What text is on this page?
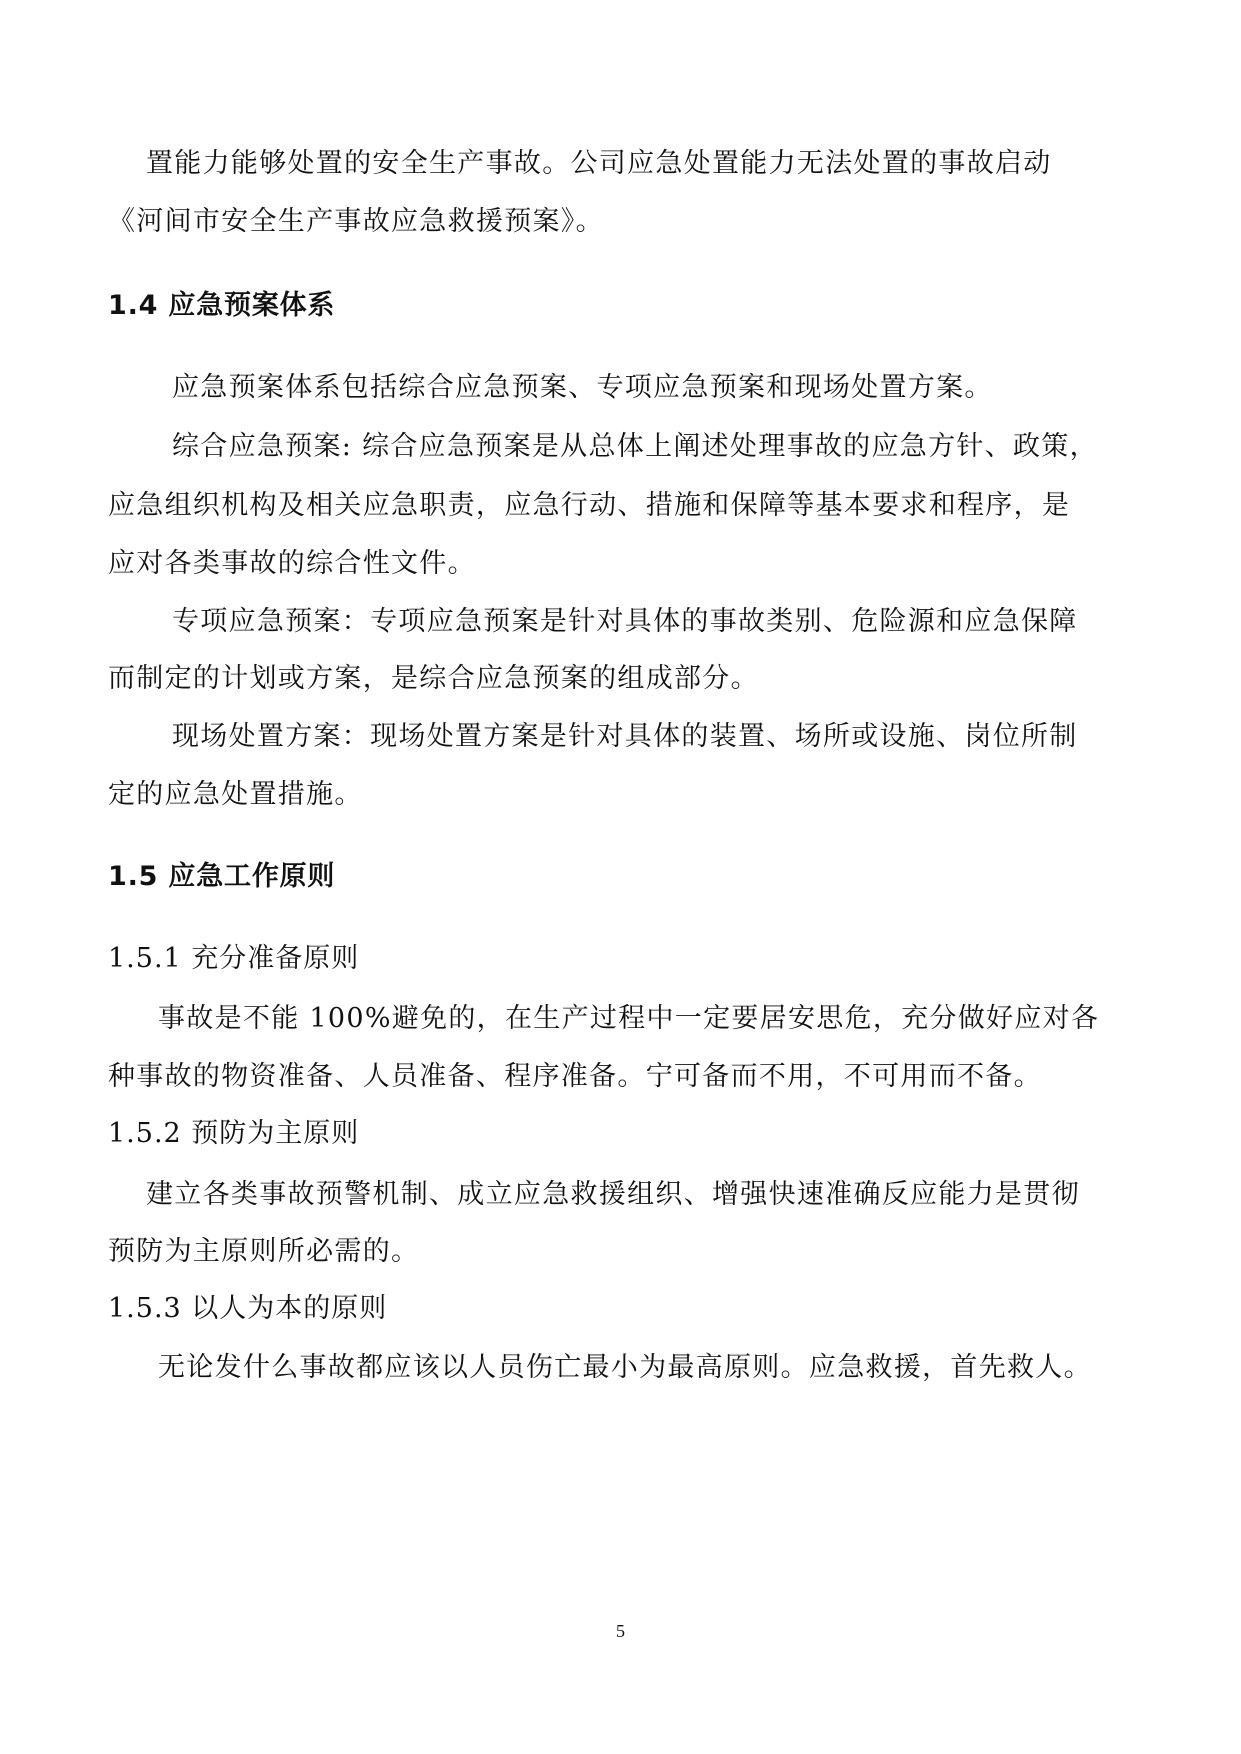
置能力能够处置的安全生产事故。公司应急处置能力无法处置的事故启动
《河间市安全生产事故应急救援预案》。
1.4 应急预案体系
应急预案体系包括综合应急预案、专项应急预案和现场处置方案。
综合应急预案: 综合应急预案是从总体上阐述处理事故的应急方针、政策，
应急组织机构及相关应急职责，应急行动、措施和保障等基本要求和程序，是
应对各类事故的综合性文件。
专项应急预案：专项应急预案是针对具体的事故类别、危险源和应急保障
而制定的计划或方案，是综合应急预案的组成部分。
现场处置方案：现场处置方案是针对具体的装置、场所或设施、岗位所制
定的应急处置措施。
1.5 应急工作原则
1.5.1 充分准备原则
事故是不能 100%避免的，在生产过程中一定要居安思危，充分做好应对各
种事故的物资准备、人员准备、程序准备。宁可备而不用，不可用而不备。
1.5.2 预防为主原则
建立各类事故预警机制、成立应急救援组织、增强快速准确反应能力是贯彻
预防为主原则所必需的。
1.5.3 以人为本的原则
无论发什么事故都应该以人员伤亡最小为最高原则。应急救援，首先救人。
5
